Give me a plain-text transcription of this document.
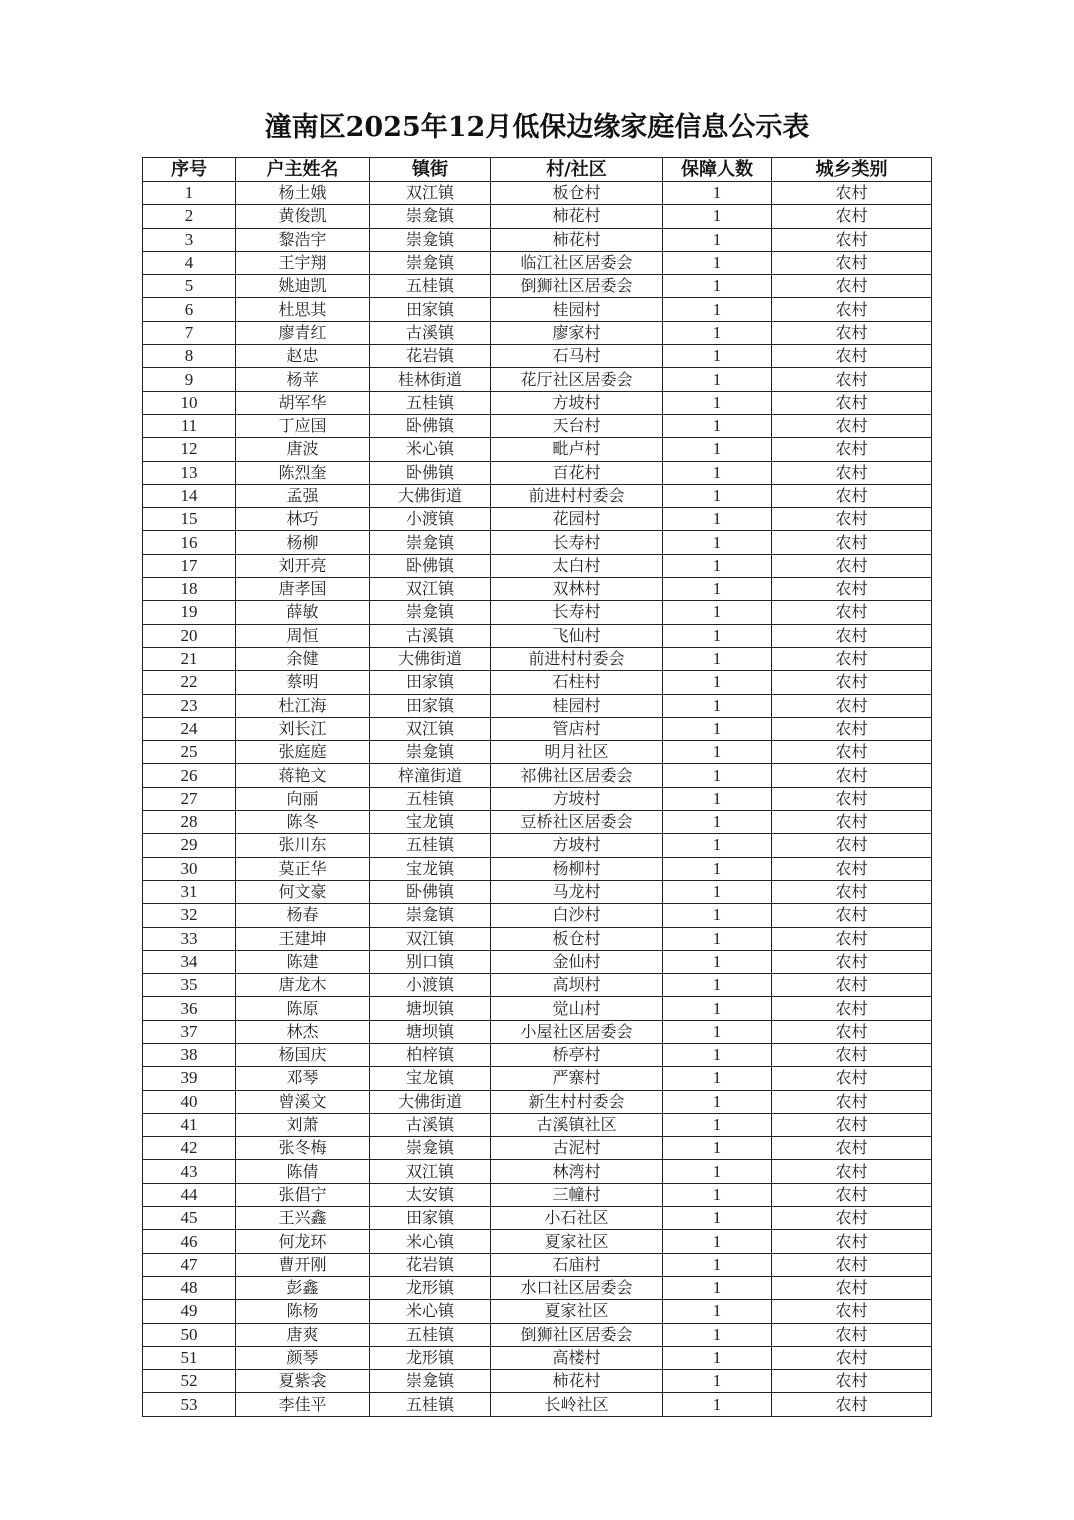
潼南区2025年12月低保边缘家庭信息公示表
序号	户主姓名	镇街	村/社区	保障人数	城乡类别
1	杨土娥	双江镇	板仓村	1	农村
2	黄俊凯	崇龛镇	柿花村	1	农村
3	黎浩宇	崇龛镇	柿花村	1	农村
4	王宇翔	崇龛镇	临江社区居委会	1	农村
5	姚迪凯	五桂镇	倒狮社区居委会	1	农村
6	杜思其	田家镇	桂园村	1	农村
7	廖青红	古溪镇	廖家村	1	农村
8	赵忠	花岩镇	石马村	1	农村
9	杨苹	桂林街道	花厅社区居委会	1	农村
10	胡军华	五桂镇	方坡村	1	农村
11	丁应国	卧佛镇	天台村	1	农村
12	唐波	米心镇	毗卢村	1	农村
13	陈烈奎	卧佛镇	百花村	1	农村
14	孟强	大佛街道	前进村村委会	1	农村
15	林巧	小渡镇	花园村	1	农村
16	杨柳	崇龛镇	长寿村	1	农村
17	刘开亮	卧佛镇	太白村	1	农村
18	唐孝国	双江镇	双林村	1	农村
19	薛敏	崇龛镇	长寿村	1	农村
20	周恒	古溪镇	飞仙村	1	农村
21	余健	大佛街道	前进村村委会	1	农村
22	蔡明	田家镇	石柱村	1	农村
23	杜江海	田家镇	桂园村	1	农村
24	刘长江	双江镇	管店村	1	农村
25	张庭庭	崇龛镇	明月社区	1	农村
26	蒋艳文	梓潼街道	祁佛社区居委会	1	农村
27	向丽	五桂镇	方坡村	1	农村
28	陈冬	宝龙镇	豆桥社区居委会	1	农村
29	张川东	五桂镇	方坡村	1	农村
30	莫正华	宝龙镇	杨柳村	1	农村
31	何文豪	卧佛镇	马龙村	1	农村
32	杨春	崇龛镇	白沙村	1	农村
33	王建坤	双江镇	板仓村	1	农村
34	陈建	别口镇	金仙村	1	农村
35	唐龙木	小渡镇	高坝村	1	农村
36	陈原	塘坝镇	觉山村	1	农村
37	林杰	塘坝镇	小屋社区居委会	1	农村
38	杨国庆	柏梓镇	桥亭村	1	农村
39	邓琴	宝龙镇	严寨村	1	农村
40	曾溪文	大佛街道	新生村村委会	1	农村
41	刘萧	古溪镇	古溪镇社区	1	农村
42	张冬梅	崇龛镇	古泥村	1	农村
43	陈倩	双江镇	林湾村	1	农村
44	张倡宁	太安镇	三幢村	1	农村
45	王兴鑫	田家镇	小石社区	1	农村
46	何龙环	米心镇	夏家社区	1	农村
47	曹开刚	花岩镇	石庙村	1	农村
48	彭鑫	龙形镇	水口社区居委会	1	农村
49	陈杨	米心镇	夏家社区	1	农村
50	唐爽	五桂镇	倒狮社区居委会	1	农村
51	颜琴	龙形镇	高楼村	1	农村
52	夏紫衾	崇龛镇	柿花村	1	农村
53	李佳平	五桂镇	长岭社区	1	农村
